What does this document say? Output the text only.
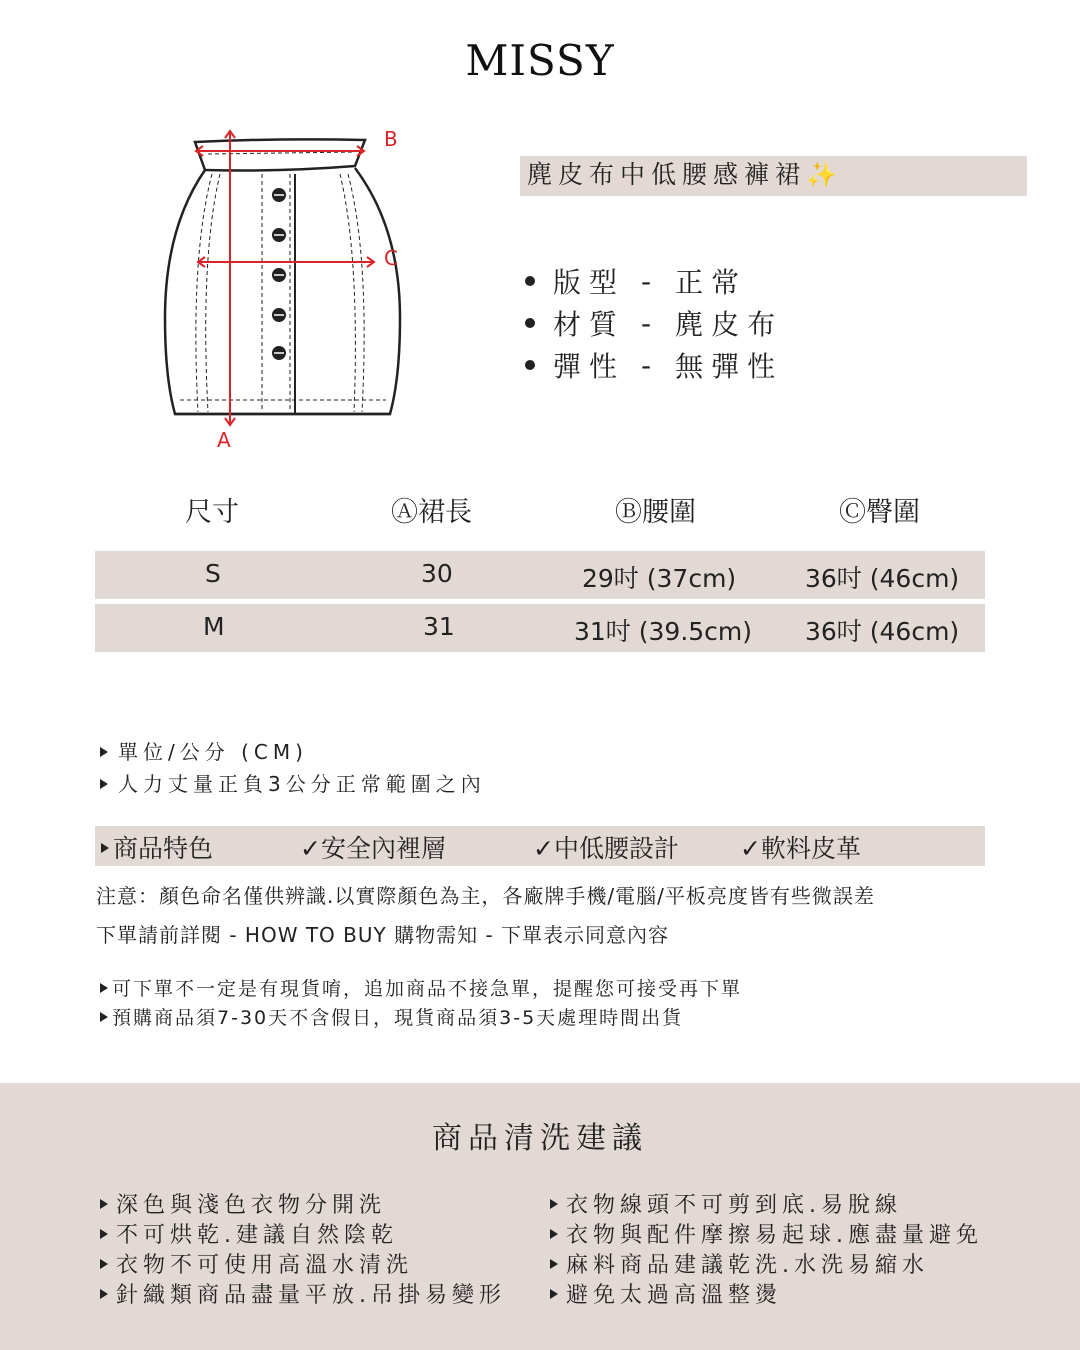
MISSY
B
C
A
麂皮布中低腰感褲裙✨
版型 - 正常
材質 - 麂皮布
彈性 - 無彈性
尺寸	Ⓐ裙長	Ⓑ腰圍	Ⓒ臀圍
S	30	29吋 (37cm)	36吋 (46cm)
M	31	31吋 (39.5cm) 36吋 (46cm)
單位/公分 (CM)
人力丈量正負3公分正常範圍之內
商品特色	✓安全內裡層	✓中低腰設計 ✓軟料皮革
注意：顏色命名僅供辨識.以實際顏色為主，各廠牌手機/電腦/平板亮度皆有些微誤差
下單請前詳閱 - HOW TO BUY 購物需知 - 下單表示同意內容
可下單不一定是有現貨唷，追加商品不接急單，提醒您可接受再下單
預購商品須7-30天不含假日，現貨商品須3-5天處理時間出貨
商品清洗建議
深色與淺色衣物分開洗
不可烘乾.建議自然陰乾
衣物不可使用高溫水清洗
針織類商品盡量平放.吊掛易變形
衣物線頭不可剪到底.易脫線
衣物與配件摩擦易起球.應盡量避免
麻料商品建議乾洗.水洗易縮水
避免太過高溫整燙
